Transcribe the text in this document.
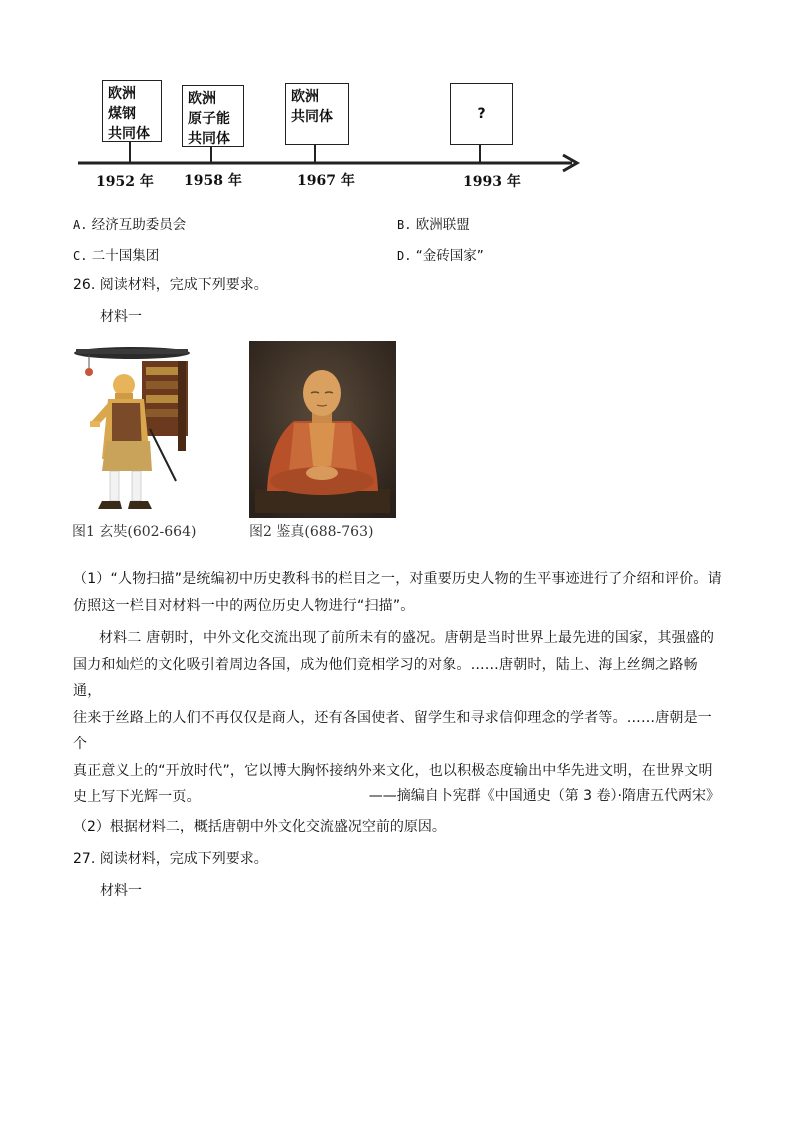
欧洲
煤钢
共同体
欧洲
原子能
共同体
欧洲
共同体	?
1952 年 1958 年	1967 年	1993 年
A. 经济互助委员会	B. 欧洲联盟
C. 二十国集团	D. “金砖国家”
26. 阅读材料，完成下列要求。
材料一
图1 玄奘(602-664)	图2 鉴真(688-763)
（1）“人物扫描”是统编初中历史教科书的栏目之一，对重要历史人物的生平事迹进行了介绍和评价。请
仿照这一栏目对材料一中的两位历史人物进行“扫描”。
材料二 唐朝时，中外文化交流出现了前所未有的盛况。唐朝是当时世界上最先进的国家，其强盛的
国力和灿烂的文化吸引着周边各国，成为他们竞相学习的对象。……唐朝时，陆上、海上丝绸之路畅通，
往来于丝路上的人们不再仅仅是商人，还有各国使者、留学生和寻求信仰理念的学者等。……唐朝是一个
真正意义上的“开放时代”，它以博大胸怀接纳外来文化，也以积极态度输出中华先进文明，在世界文明
史上写下光辉一页。	——摘编自卜宪群《中国通史（第 3 卷）·隋唐五代两宋》
（2）根据材料二，概括唐朝中外文化交流盛况空前的原因。
27. 阅读材料，完成下列要求。
材料一
